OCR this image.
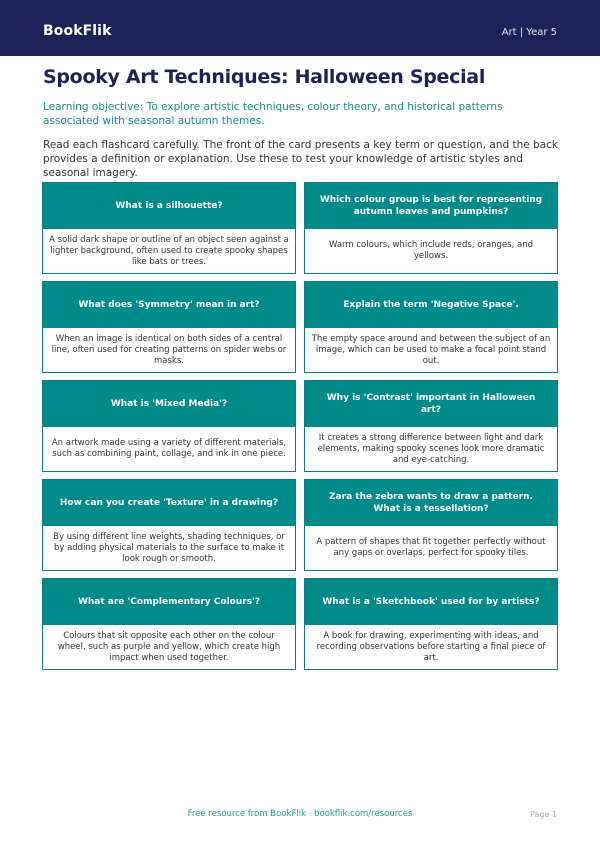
BookFlik	Art | Year 5
Spooky Art Techniques: Halloween Special
Learning objective: To explore artistic techniques, colour theory, and historical patterns associated with seasonal autumn themes.
Read each flashcard carefully. The front of the card presents a key term or question, and the back provides a definition or explanation. Use these to test your knowledge of artistic styles and seasonal imagery.
What is a silhouette?
A solid dark shape or outline of an object seen against a lighter background, often used to create spooky shapes like bats or trees.
Which colour group is best for representing autumn leaves and pumpkins?
Warm colours, which include reds, oranges, and yellows.
What does 'Symmetry' mean in art?
When an image is identical on both sides of a central line, often used for creating patterns on spider webs or masks.
Explain the term 'Negative Space'.
The empty space around and between the subject of an image, which can be used to make a focal point stand out.
What is 'Mixed Media'?
An artwork made using a variety of different materials, such as combining paint, collage, and ink in one piece.
Why is 'Contrast' important in Halloween art?
It creates a strong difference between light and dark elements, making spooky scenes look more dramatic and eye-catching.
How can you create 'Texture' in a drawing?
By using different line weights, shading techniques, or by adding physical materials to the surface to make it look rough or smooth.
Zara the zebra wants to draw a pattern. What is a tessellation?
A pattern of shapes that fit together perfectly without any gaps or overlaps, perfect for spooky tiles.
What are 'Complementary Colours'?
Colours that sit opposite each other on the colour wheel, such as purple and yellow, which create high impact when used together.
What is a 'Sketchbook' used for by artists?
A book for drawing, experimenting with ideas, and recording observations before starting a final piece of art.
Free resource from BookFlik · bookflik.com/resources	Page 1
